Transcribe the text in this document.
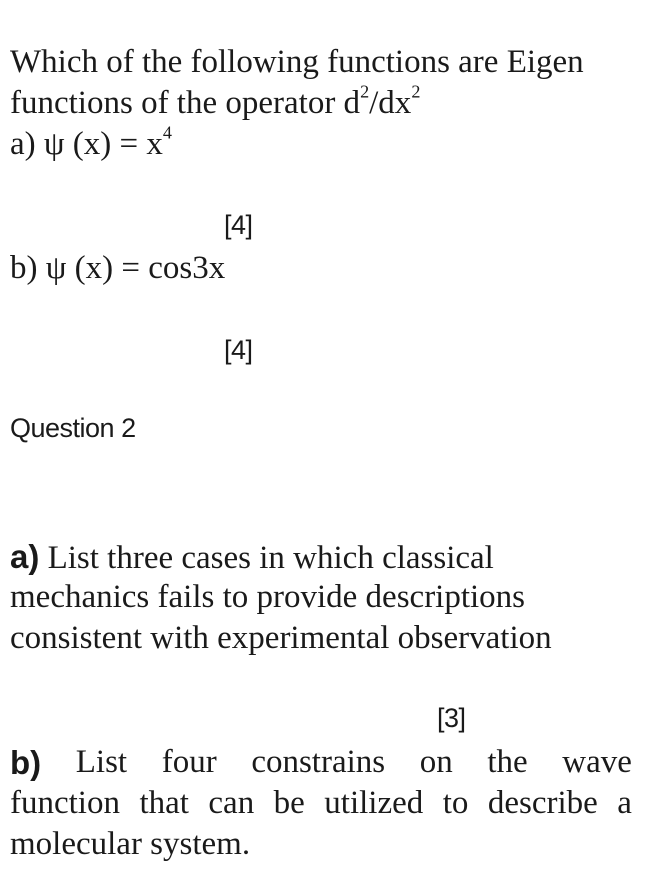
Which of the following functions are Eigen
functions of the operator $d^2/dx^2$
a) ψ $(x) = x^4$
[4]
b) ψ (x) = cos3x
[4]
Question 2
a) List three cases in which classical
mechanics fails to provide descriptions
consistent with experimental observation
[3]
b) List four constrains on the wave
function that can be utilized to describe a
molecular system.
